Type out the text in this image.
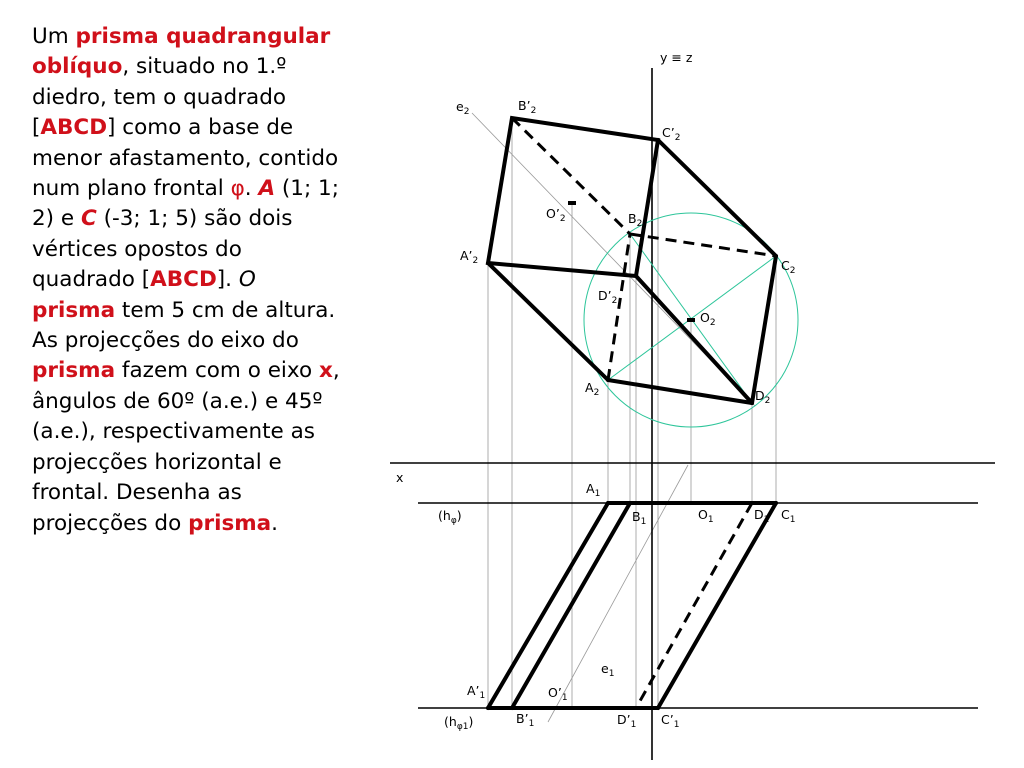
Um prisma quadrangular oblíquo, situado no 1.º diedro, tem o quadrado [ABCD] como a base de menor afastamento, contido num plano frontal φ. A (1; 1; 2) e C (-3; 1; 5) são dois vértices opostos do quadrado [ABCD]. O prisma tem 5 cm de altura. As projecções do eixo do prisma fazem com o eixo x, ângulos de 60º (a.e.) e 45º (a.e.), respectivamente as projecções horizontal e frontal. Desenha as projecções do prisma.
y ≡ z
x
$e_2$	$B’_2$
$C’_2$
$O’_2$	$B_2$
$A’_2$	$C_2$
$D’_2$
$O_2$
$A_2$	$D_2$
$A_1$
$(h_\varphi)$	$B_1$	$O_1$	$D_1$ $C_1$
$e_1$
$A’_1$	$O’_1$
$(h_{\varphi 1})$	$B’_1$	$D’_1$ $C’_1$
